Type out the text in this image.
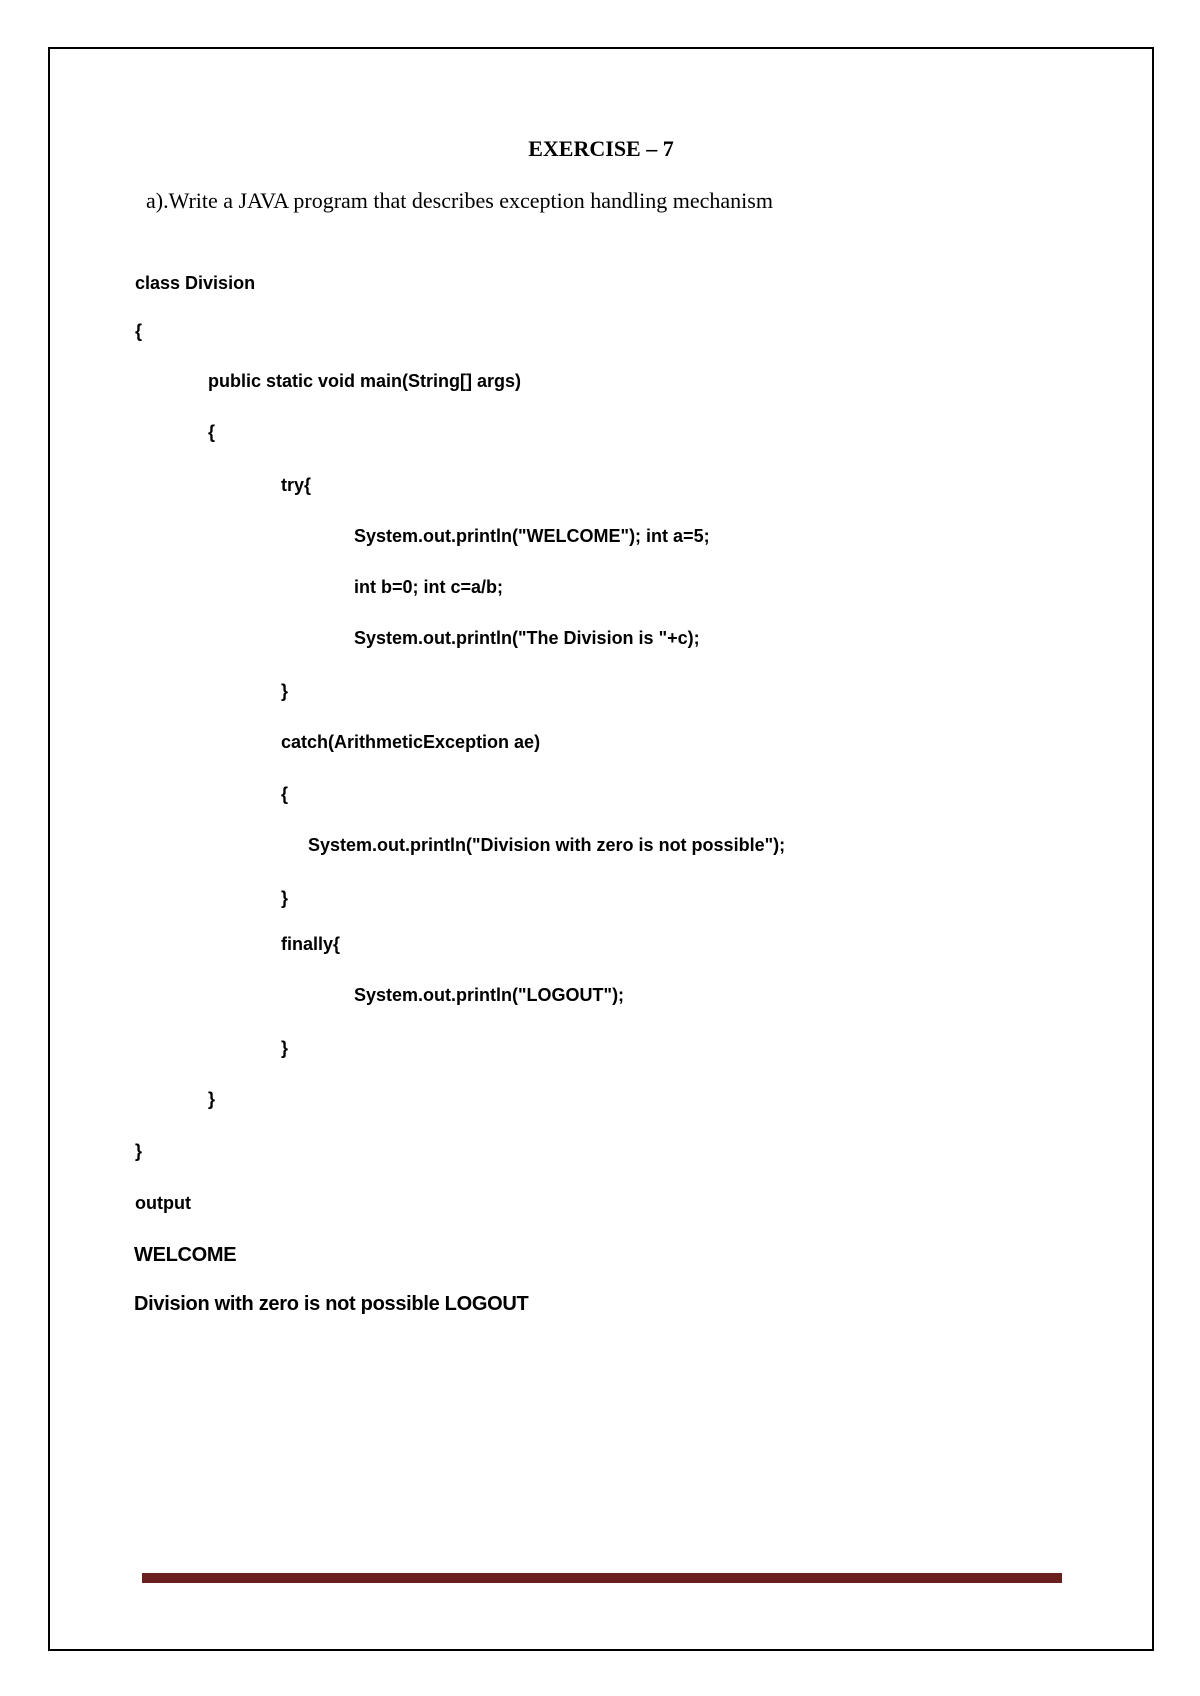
EXERCISE – 7
a).Write a JAVA program that describes exception handling mechanism
class Division
{
public static void main(String[] args)
{
try{
System.out.println("WELCOME"); int a=5;
int b=0; int c=a/b;
System.out.println("The Division is "+c);
}
catch(ArithmeticException ae)
{
System.out.println("Division with zero is not possible");
}
finally{
System.out.println("LOGOUT");
}
}
}
output
WELCOME
Division with zero is not possible LOGOUT
